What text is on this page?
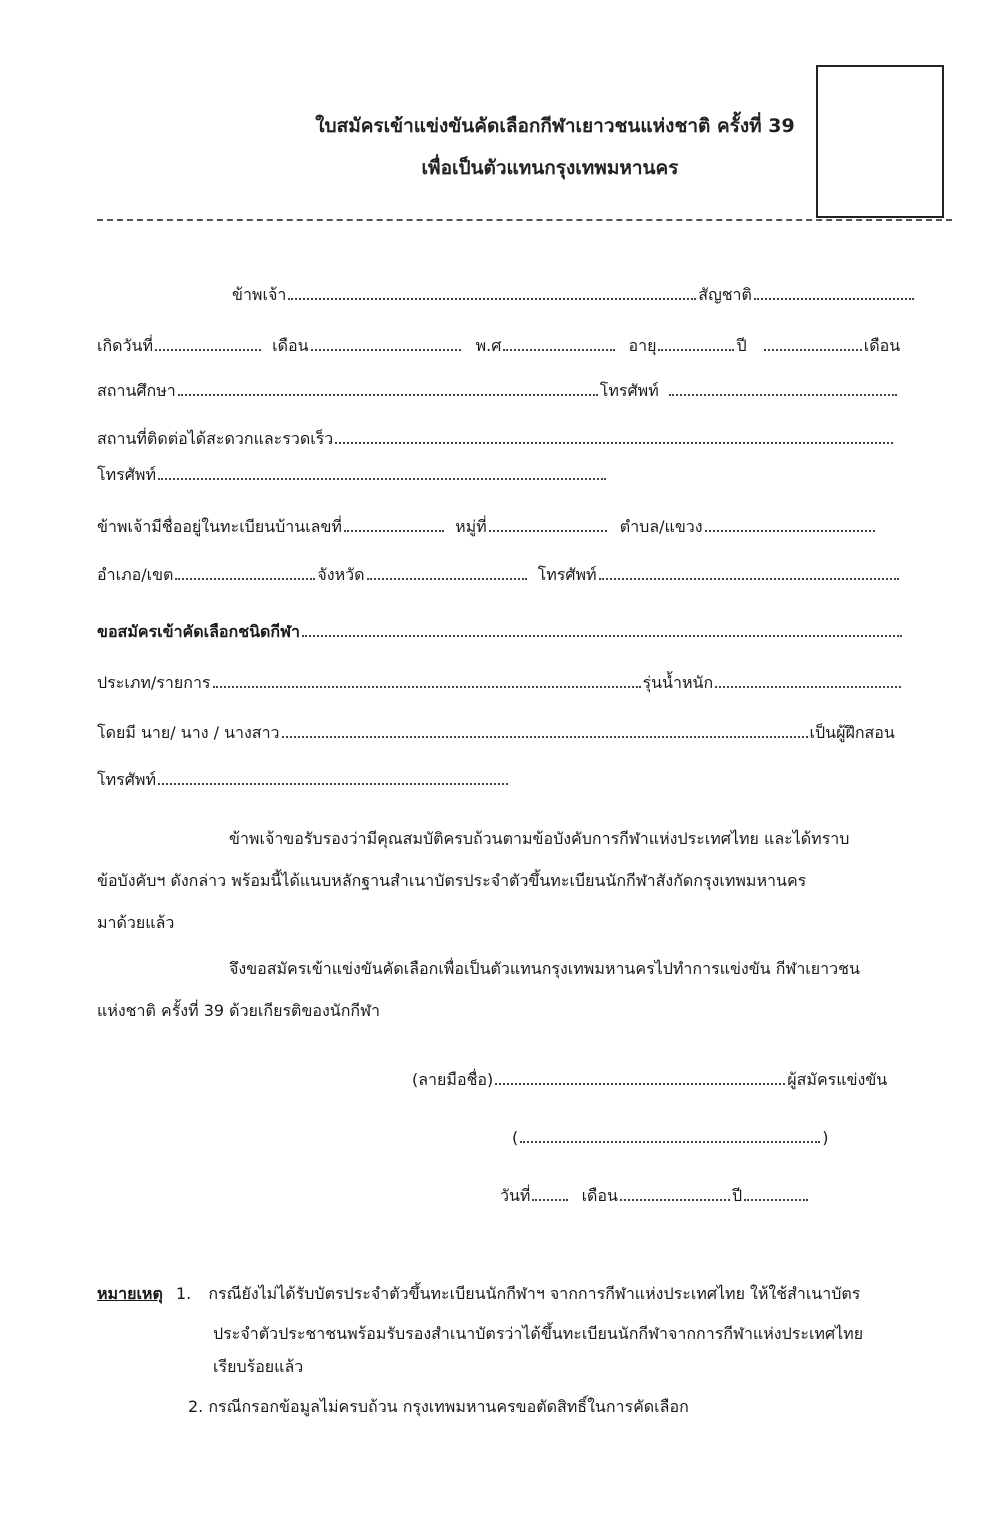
ใบสมัครเข้าแข่งขันคัดเลือกกีฬาเยาวชนแห่งชาติ ครั้งที่ 39
เพื่อเป็นตัวแทนกรุงเทพมหานคร
ข้าพเจ้า	สัญชาติ
เกิดวันที่	เดือน	พ.ศ	อายุ	ปี	เดือน
สถานศึกษา	โทรศัพท์
สถานที่ติดต่อได้สะดวกและรวดเร็ว
โทรศัพท์
ข้าพเจ้ามีชื่ออยู่ในทะเบียนบ้านเลขที่	หมู่ที่	ตำบล/แขวง
อำเภอ/เขต	จังหวัด	โทรศัพท์
ขอสมัครเข้าคัดเลือกชนิดกีฬา
ประเภท/รายการ	รุ่นน้ำหนัก
โดยมี นาย/ นาง / นางสาว	เป็นผู้ฝึกสอน
โทรศัพท์
ข้าพเจ้าขอรับรองว่ามีคุณสมบัติครบถ้วนตามข้อบังคับการกีฬาแห่งประเทศไทย และได้ทราบ
ข้อบังคับฯ ดังกล่าว พร้อมนี้ได้แนบหลักฐานสำเนาบัตรประจำตัวขึ้นทะเบียนนักกีฬาสังกัดกรุงเทพมหานคร
มาด้วยแล้ว
จึงขอสมัครเข้าแข่งขันคัดเลือกเพื่อเป็นตัวแทนกรุงเทพมหานครไปทำการแข่งขัน กีฬาเยาวชน
แห่งชาติ ครั้งที่ 39 ด้วยเกียรติของนักกีฬา
(ลายมือชื่อ)	ผู้สมัครแข่งขัน
(	)
วันที่	เดือน	ปี
หมายเหตุ 1. กรณียังไม่ได้รับบัตรประจำตัวขึ้นทะเบียนนักกีฬาฯ จากการกีฬาแห่งประเทศไทย ให้ใช้สำเนาบัตร
ประจำตัวประชาชนพร้อมรับรองสำเนาบัตรว่าได้ขึ้นทะเบียนนักกีฬาจากการกีฬาแห่งประเทศไทย
เรียบร้อยแล้ว
2. กรณีกรอกข้อมูลไม่ครบถ้วน กรุงเทพมหานครขอตัดสิทธิ์ในการคัดเลือก
